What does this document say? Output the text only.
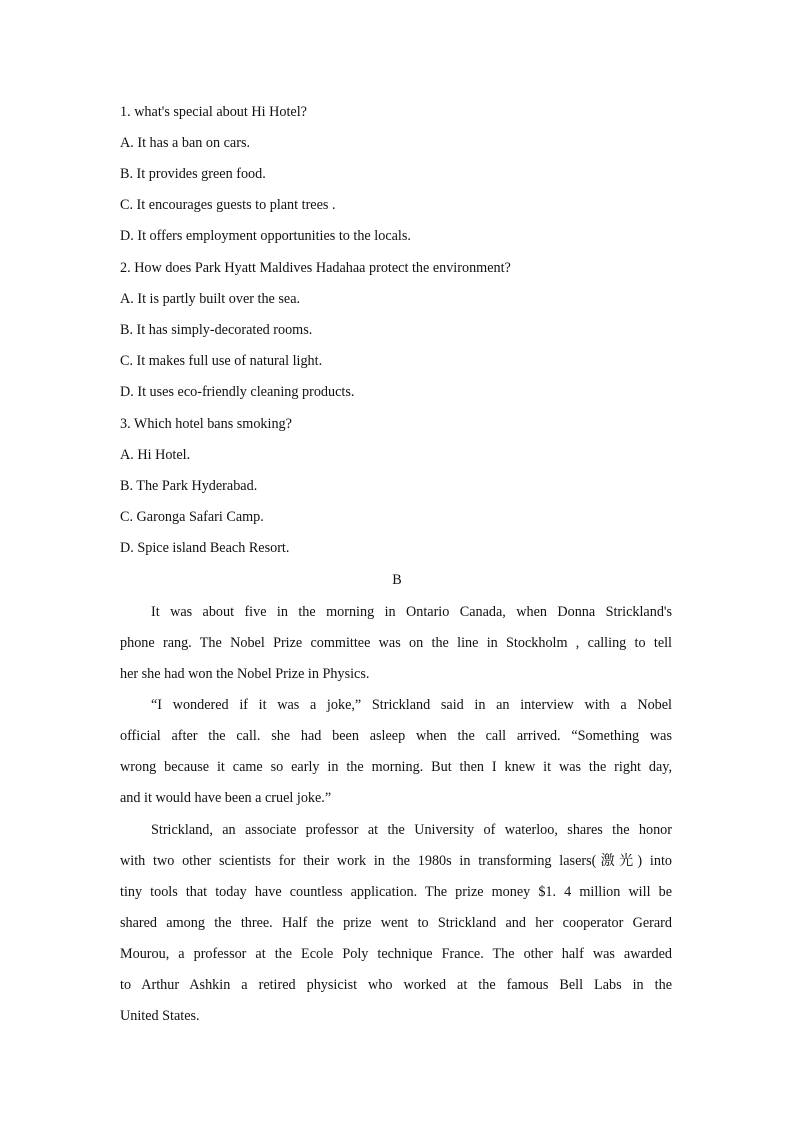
1. what's special about Hi Hotel?
A. It has a ban on cars.
B. It provides green food.
C. It encourages guests to plant trees .
D. It offers employment opportunities to the locals.
2. How does Park Hyatt Maldives Hadahaa protect the environment?
A. It is partly built over the sea.
B. It has simply-decorated rooms.
C. It makes full use of natural light.
D. It uses eco-friendly cleaning products.
3. Which hotel bans smoking?
A. Hi Hotel.
B. The Park Hyderabad.
C. Garonga Safari Camp.
D. Spice island Beach Resort.
B
It was about five in the morning in Ontario Canada, when Donna Strickland's
phone rang. The Nobel Prize committee was on the line in Stockholm , calling to tell
her she had won the Nobel Prize in Physics.
“I wondered if it was a joke,” Strickland said in an interview with a Nobel
official after the call. she had been asleep when the call arrived. “Something was
wrong because it came so early in the morning. But then I knew it was the right day,
and it would have been a cruel joke.”
Strickland, an associate professor at the University of waterloo, shares the honor
with two other scientists for their work in the 1980s in transforming lasers(激光) into
tiny tools that today have countless application. The prize money $1. 4 million will be
shared among the three. Half the prize went to Strickland and her cooperator Gerard
Mourou, a professor at the Ecole Poly technique France. The other half was awarded
to Arthur Ashkin a retired physicist who worked at the famous Bell Labs in the
United States.
